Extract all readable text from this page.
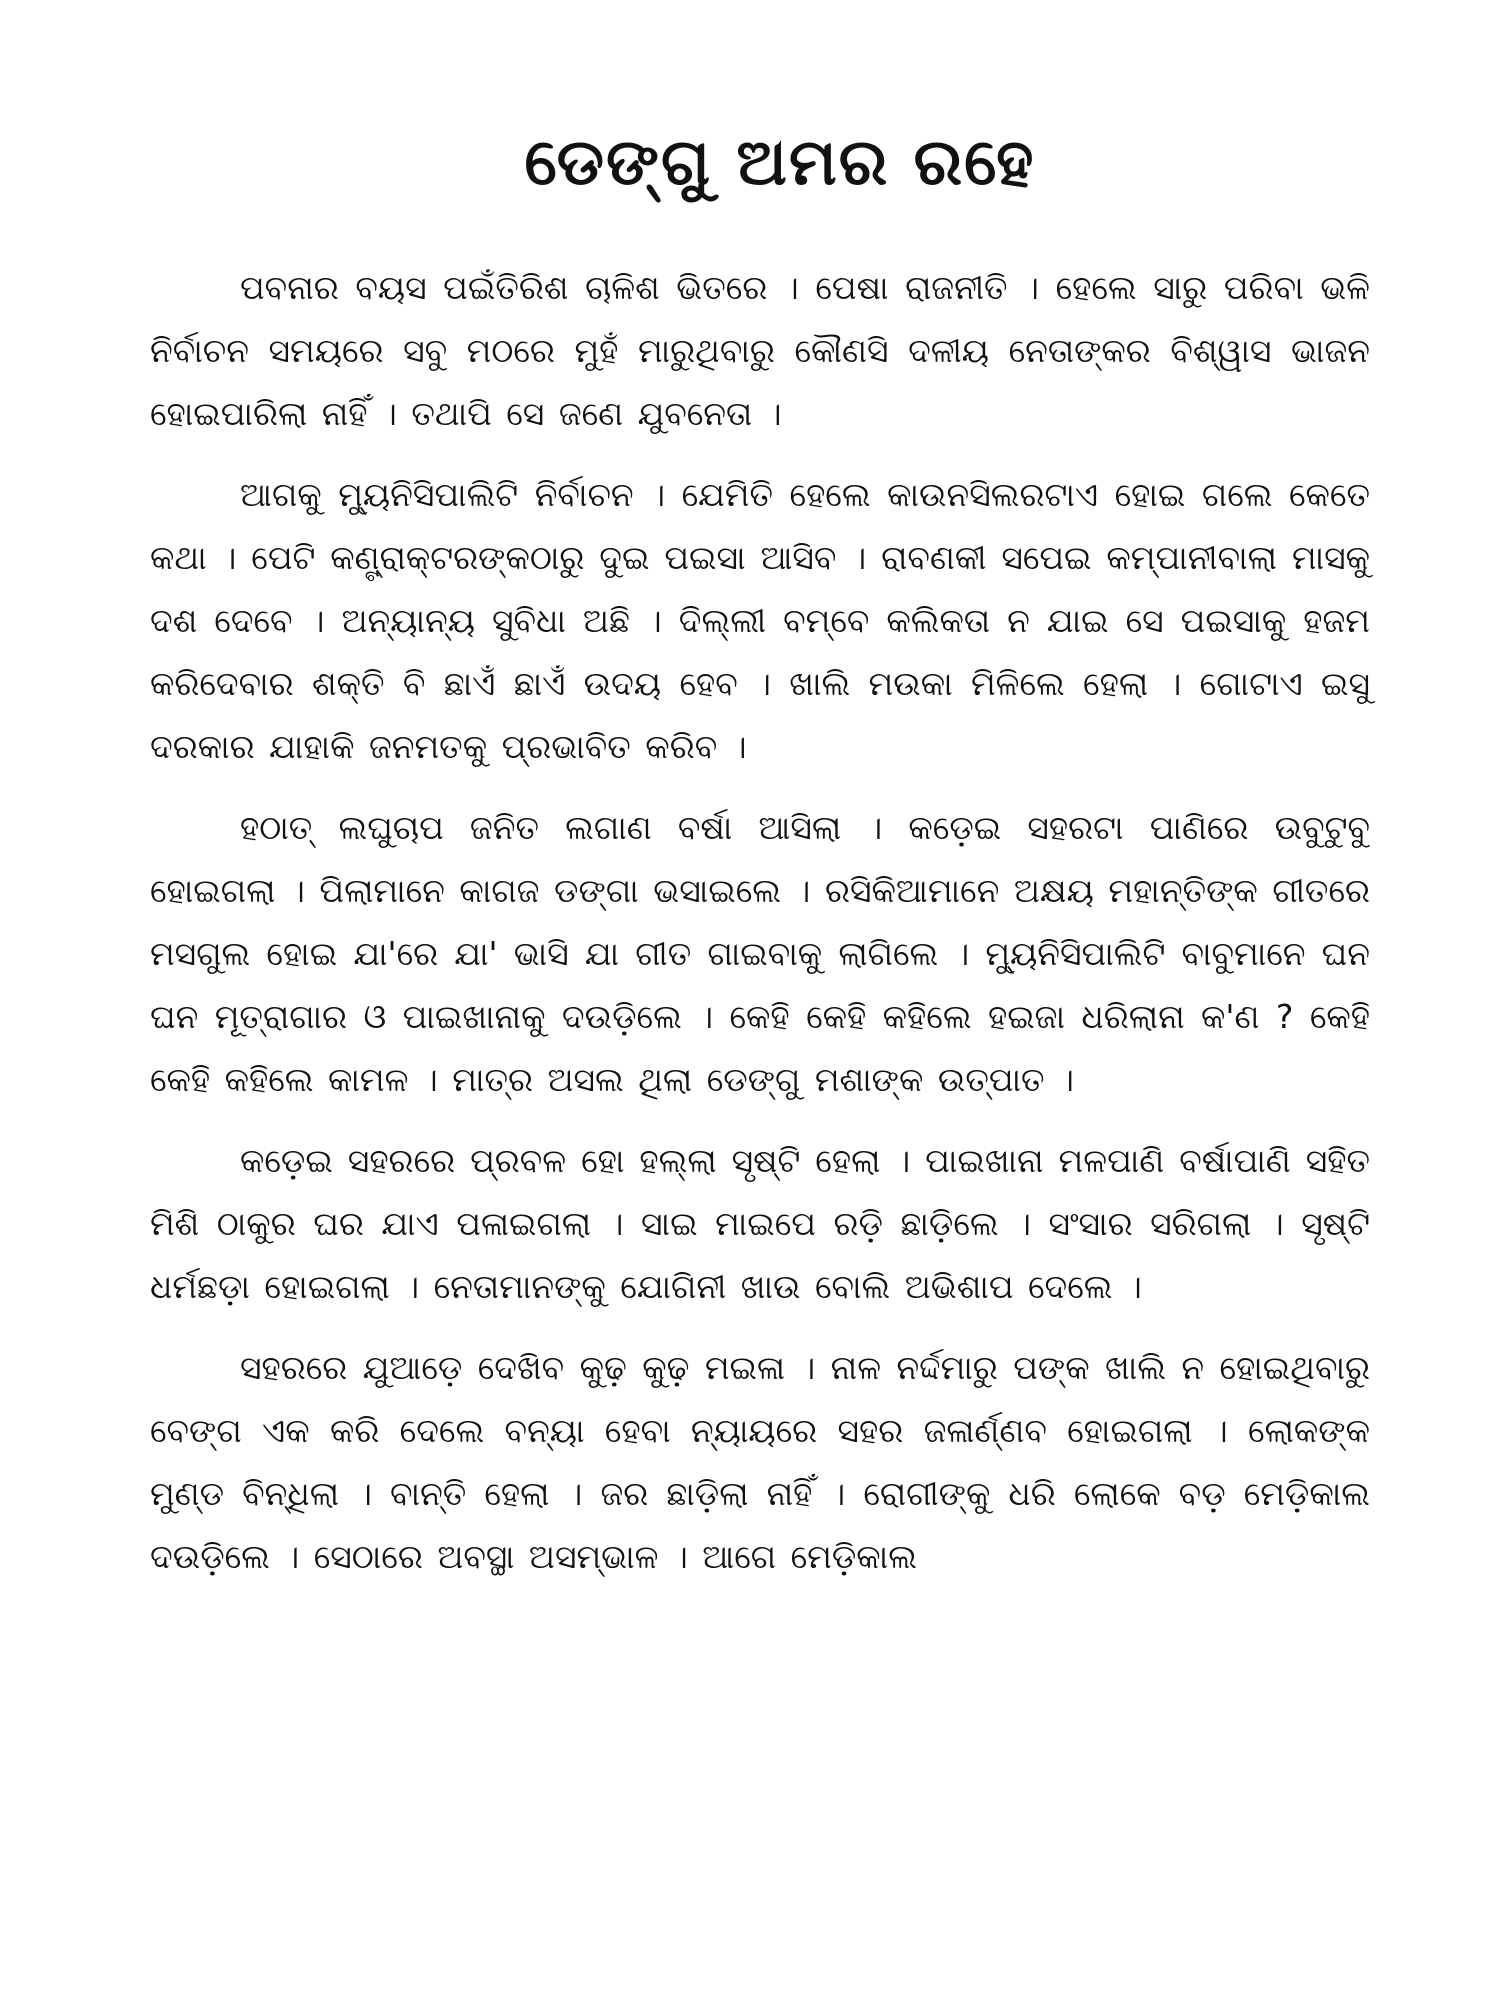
ଡେଙ୍ଗୁ ଅମର ରହେ

ପବନାର ବୟସ ପଇଁତିରିଶ ଚାଳିଶ ଭିତରେ । ପେଷା ରାଜନୀତି । ହେଲେ ସାରୁ ପରିବା ଭଳି ନିର୍ବାଚନ ସମୟରେ ସବୁ ମଠରେ ମୁହଁ ମାରୁଥିବାରୁ କୌଣସି ଦଳୀୟ ନେତାଙ୍କର ବିଶ୍ୱାସ ଭାଜନ ହୋଇପାରିଲା ନାହିଁ । ତଥାପି ସେ ଜଣେ ଯୁବନେତା ।

ଆଗକୁ ମ୍ୟୁନିସିପାଲିଟି ନିର୍ବାଚନ । ଯେମିତି ହେଲେ କାଉନସିଲରଟାଏ ହୋଇ ଗଲେ କେତେ କଥା । ପେଟି କଣ୍ଟ୍ରାକ୍ଟରଙ୍କଠାରୁ ଦୁଇ ପଇସା ଆସିବ । ରାବଣକୀ ସପେଇ କମ୍ପାନୀବାଲା ମାସକୁ ଦଶ ଦେବେ । ଅନ୍ୟାନ୍ୟ ସୁବିଧା ଅଛି । ଦିଲ୍ଲୀ ବମ୍ବେ କଲିକତା ନ ଯାଇ ସେ ପଇସାକୁ ହଜମ କରିଦେବାର ଶକ୍ତି ବି ଛାଏଁ ଛାଏଁ ଉଦୟ ହେବ । ଖାଲି ମଉକା ମିଳିଲେ ହେଲା । ଗୋଟାଏ ଇସୁ ଦରକାର ଯାହାକି ଜନମତକୁ ପ୍ରଭାବିତ କରିବ ।

ହଠାତ୍ ଲଘୁଚାପ ଜନିତ ଲଗାଣ ବର୍ଷା ଆସିଲା । କଡ଼େଇ ସହରଟା ପାଣିରେ ଉବୁଟୁବୁ ହୋଇଗଲା । ପିଲାମାନେ କାଗଜ ଡଙ୍ଗା ଭସାଇଲେ । ରସିକିଆମାନେ ଅକ୍ଷୟ ମହାନ୍ତିଙ୍କ ଗୀତରେ ମସଗୁଲ ହୋଇ ଯା'ରେ ଯା' ଭାସି ଯା ଗୀତ ଗାଇବାକୁ ଲାଗିଲେ । ମ୍ୟୁନିସିପାଲିଟି ବାବୁମାନେ ଘନ ଘନ ମୂତ୍ରାଗାର ଓ ପାଇଖାନାକୁ ଦଉଡ଼ିଲେ । କେହି କେହି କହିଲେ ହଇଜା ଧରିଲାନା କ'ଣ ? କେହି କେହି କହିଲେ କାମଳ । ମାତ୍ର ଅସଲ ଥିଲା ଡେଙ୍ଗୁ ମଶାଙ୍କ ଉତ୍ପାତ ।

କଡ଼େଇ ସହରରେ ପ୍ରବଳ ହୋ ହଲ୍ଲା ସୃଷ୍ଟି ହେଲା । ପାଇଖାନା ମଳପାଣି ବର୍ଷାପାଣି ସହିତ ମିଶି ଠାକୁର ଘର ଯାଏ ପଳାଇଗଲା । ସାଇ ମାଇପେ ରଡ଼ି ଛାଡ଼ିଲେ । ସଂସାର ସରିଗଲା । ସୃଷ୍ଟି ଧର୍ମଛଡ଼ା ହୋଇଗଲା । ନେତାମାନଙ୍କୁ ଯୋଗିନୀ ଖାଉ ବୋଲି ଅଭିଶାପ ଦେଲେ ।

ସହରରେ ଯୁଆଡ଼େ ଦେଖିବ କୁଢ଼ କୁଢ଼ ମଇଳା । ନାଳ ନର୍ଦ୍ଦମାରୁ ପଙ୍କ ଖାଲି ନ ହୋଇଥିବାରୁ ବେଙ୍ଗ ଏକ କରି ଦେଲେ ବନ୍ୟା ହେବା ନ୍ୟାୟରେ ସହର ଜଳାର୍ଣ୍ଣବ ହୋଇଗଲା । ଲୋକଙ୍କ ମୁଣ୍ଡ ବିନ୍ଧିଲା । ବାନ୍ତି ହେଲା । ଜର ଛାଡ଼ିଲା ନାହିଁ । ରୋଗୀଙ୍କୁ ଧରି ଲୋକେ ବଡ଼ ମେଡ଼ିକାଲ ଦଉଡ଼ିଲେ । ସେଠାରେ ଅବସ୍ଥା ଅସମ୍ଭାଳ । ଆଗେ ମେଡ଼ିକାଲ
